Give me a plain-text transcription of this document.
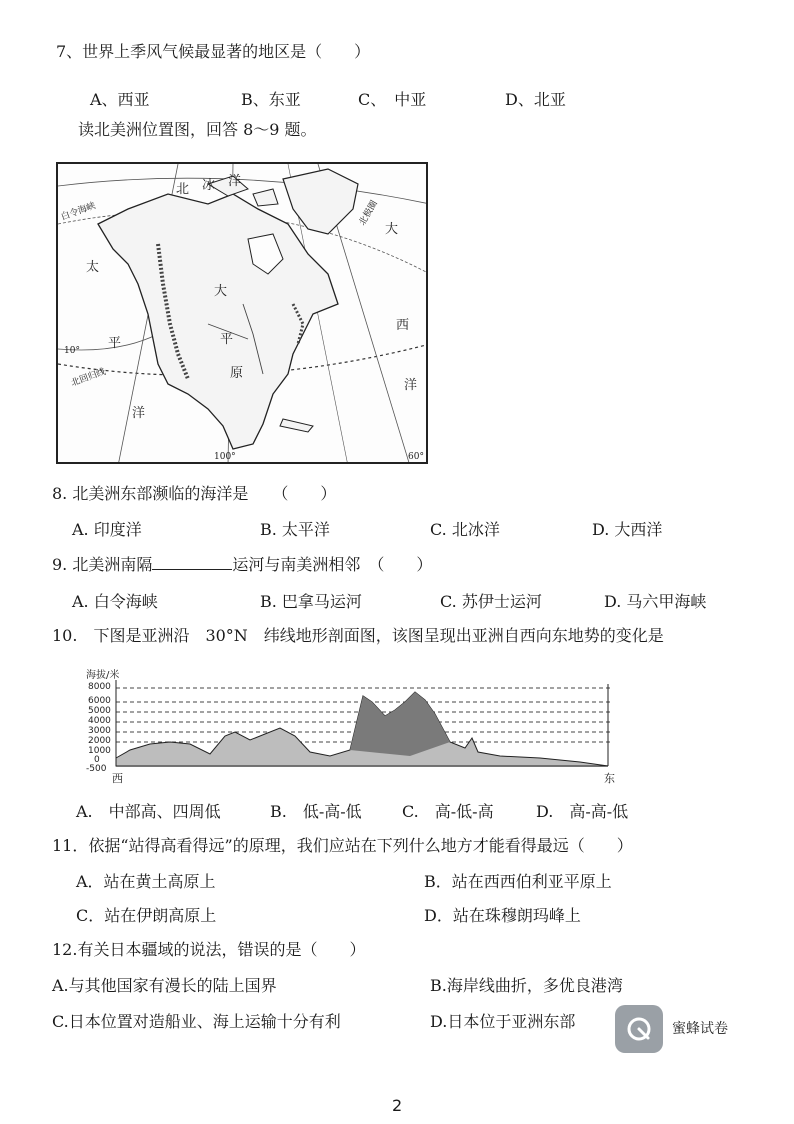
7、世界上季风气候最显著的地区是（　　）
A、西亚	B、东亚	C、　中亚	D、北亚
读北美洲位置图，回答 8～9 题。
北 冰 洋
白令海峡	北极圈
太
平
洋
大
西
洋
大
平
原
北回归线
10°
100°	60°
8. 北美洲东部濒临的海洋是　　（　　）
A. 印度洋	B. 太平洋	C. 北冰洋	D. 大西洋
9. 北美洲南隔	运河与南美洲相邻　（　　）
A. 白令海峡	B. 巴拿马运河	C. 苏伊士运河	D. 马六甲海峡
10.　下图是亚洲沿　30°N　纬线地形剖面图，该图呈现出亚洲自西向东地势的变化是
海拔/米
8000
6000
5000
4000
3000
2000
1000
0
-500
西	东
A.　中部高、四周低	B.　低-高-低	C.　高-低-高	D.　高-高-低
11．依据“站得高看得远”的原理，我们应站在下列什么地方才能看得最远（　　）
A．站在黄土高原上	B．站在西西伯利亚平原上
C．站在伊朗高原上	D．站在珠穆朗玛峰上
12.有关日本疆域的说法，错误的是（　　）
A.与其他国家有漫长的陆上国界	B.海岸线曲折，多优良港湾
C.日本位置对造船业、海上运输十分有利	D.日本位于亚洲东部	蜜蜂试卷
2
